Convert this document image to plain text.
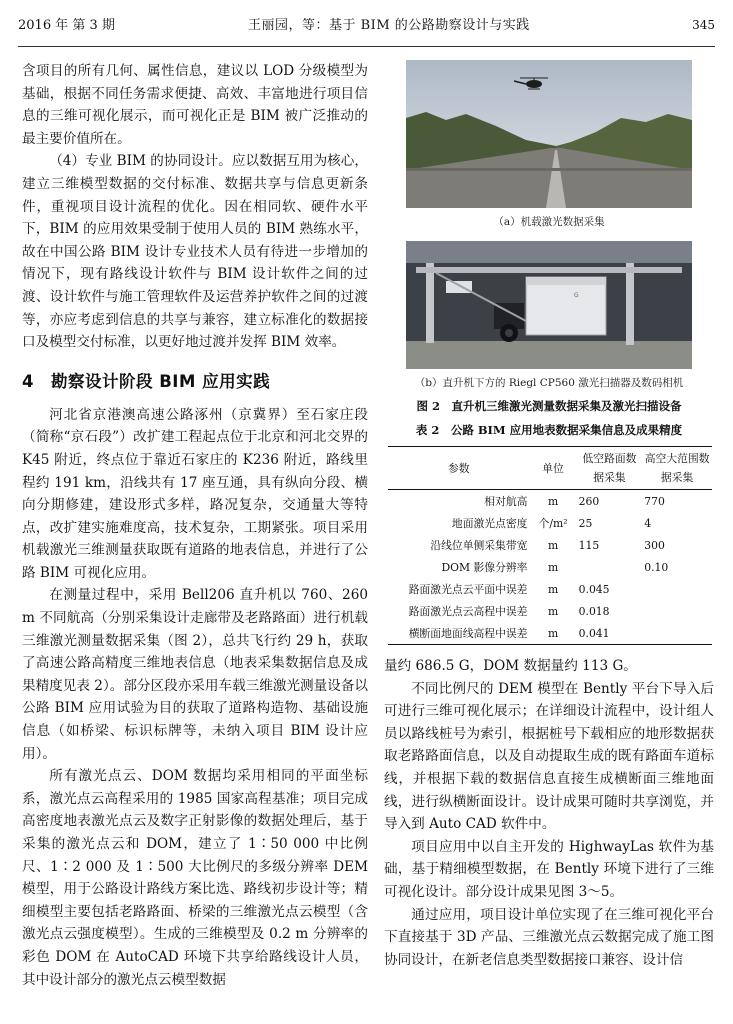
2016 年 第 3 期	王丽园，等：基于 BIM 的公路勘察设计与实践	345

含项目的所有几何、属性信息，建议以 LOD 分级模型为基础，根据不同任务需求便捷、高效、丰富地进行项目信息的三维可视化展示，而可视化正是 BIM 被广泛推动的最主要价值所在。

（4）专业 BIM 的协同设计。应以数据互用为核心，建立三维模型数据的交付标准、数据共享与信息更新条件，重视项目设计流程的优化。因在相同软、硬件水平下，BIM 的应用效果受制于使用人员的 BIM 熟练水平，故在中国公路 BIM 设计专业技术人员有待进一步增加的情况下，现有路线设计软件与 BIM 设计软件之间的过渡、设计软件与施工管理软件及运营养护软件之间的过渡等，亦应考虑到信息的共享与兼容，建立标准化的数据接口及模型交付标准，以更好地过渡并发挥 BIM 效率。

4　勘察设计阶段 BIM 应用实践

河北省京港澳高速公路涿州（京冀界）至石家庄段（简称“京石段”）改扩建工程起点位于北京和河北交界的 K45 附近，终点位于靠近石家庄的 K236 附近，路线里程约 191 km，沿线共有 17 座互通，具有纵向分段、横向分期修建，建设形式多样，路况复杂，交通量大等特点，改扩建实施难度高，技术复杂，工期紧张。项目采用机载激光三维测量获取既有道路的地表信息，并进行了公路 BIM 可视化应用。

在测量过程中，采用 Bell206 直升机以 760、260 m 不同航高（分别采集设计走廊带及老路路面）进行机载三维激光测量数据采集（图 2），总共飞行约 29 h，获取了高速公路高精度三维地表信息（地表采集数据信息及成果精度见表 2）。部分区段亦采用车载三维激光测量设备以公路 BIM 应用试验为目的获取了道路构造物、基础设施信息（如桥梁、标识标牌等，未纳入项目 BIM 设计应用）。

所有激光点云、DOM 数据均采用相同的平面坐标系，激光点云高程采用的 1985 国家高程基准；项目完成高密度地表激光点云及数字正射影像的数据处理后，基于采集的激光点云和 DOM，建立了 1∶50 000 中比例尺、1∶2 000 及 1∶500 大比例尺的多级分辨率 DEM 模型，用于公路设计路线方案比选、路线初步设计等；精细模型主要包括老路路面、桥梁的三维激光点云模型（含激光点云强度模型）。生成的三维模型及 0.2 m 分辨率的彩色 DOM 在 AutoCAD 环境下共享给路线设计人员，其中设计部分的激光点云模型数据

（a）机载激光数据采集
G
（b）直升机下方的 Riegl CP560 激光扫描器及数码相机
图 2　直升机三维激光测量数据采集及激光扫描设备
表 2　公路 BIM 应用地表数据采集信息及成果精度
参数	单位	低空路面数据采集	高空大范围数据采集
相对航高	m	260	770
地面激光点密度	个/m²	25	4
沿线位单侧采集带宽	m	115	300
DOM 影像分辨率	m		0.10
路面激光点云平面中误差	m	0.045	
路面激光点云高程中误差	m	0.018	
横断面地面线高程中误差	m	0.041	

量约 686.5 G，DOM 数据量约 113 G。

不同比例尺的 DEM 模型在 Bently 平台下导入后可进行三维可视化展示；在详细设计流程中，设计组人员以路线桩号为索引，根据桩号下载相应的地形数据获取老路路面信息，以及自动提取生成的既有路面车道标线，并根据下载的数据信息直接生成横断面三维地面线，进行纵横断面设计。设计成果可随时共享浏览，并导入到 Auto CAD 软件中。

项目应用中以自主开发的 HighwayLas 软件为基础，基于精细模型数据，在 Bently 环境下进行了三维可视化设计。部分设计成果见图 3～5。

通过应用，项目设计单位实现了在三维可视化平台下直接基于 3D 产品、三维激光点云数据完成了施工图协同设计，在新老信息类型数据接口兼容、设计信
